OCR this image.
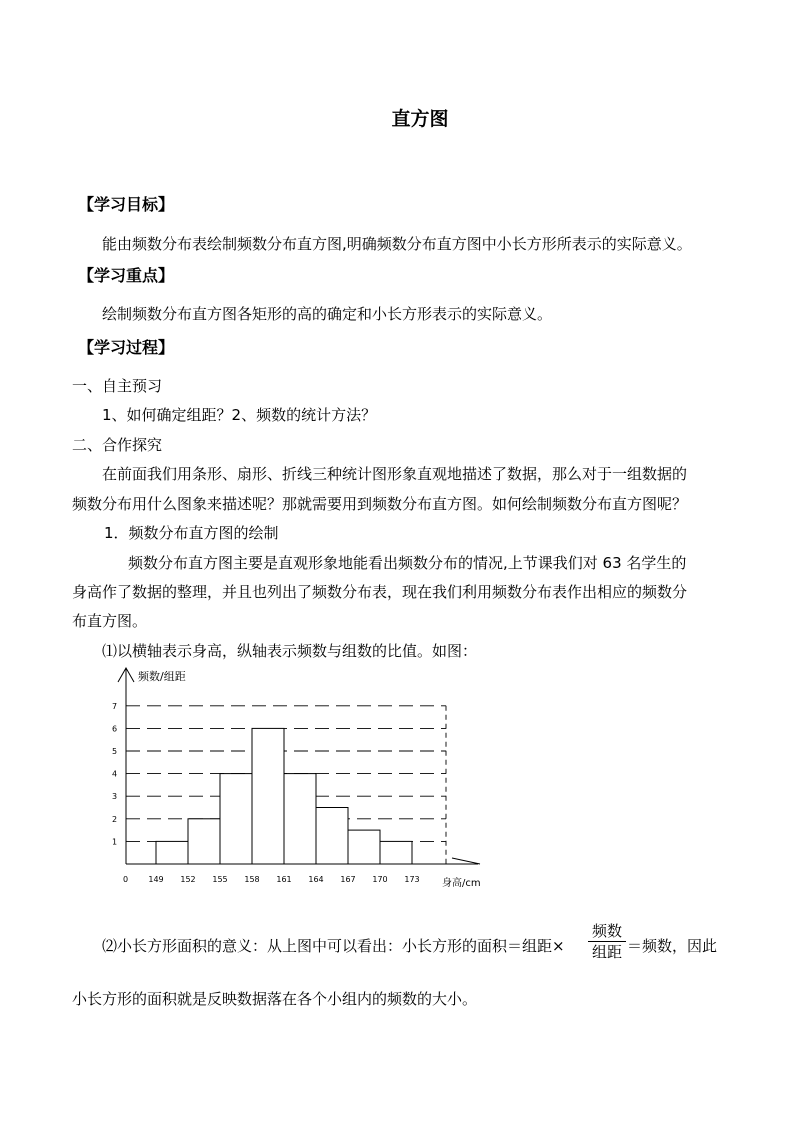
直方图
【学习目标】
能由频数分布表绘制频数分布直方图,明确频数分布直方图中小长方形所表示的实际意义。
【学习重点】
绘制频数分布直方图各矩形的高的确定和小长方形表示的实际意义。
【学习过程】
一、自主预习
1、如何确定组距？2、频数的统计方法？
二、合作探究
在前面我们用条形、扇形、折线三种统计图形象直观地描述了数据，那么对于一组数据的
频数分布用什么图象来描述呢？那就需要用到频数分布直方图。如何绘制频数分布直方图呢？
1．频数分布直方图的绘制
频数分布直方图主要是直观形象地能看出频数分布的情况,上节课我们对 63 名学生的
身高作了数据的整理，并且也列出了频数分布表，现在我们利用频数分布表作出相应的频数分
布直方图。
⑴以横轴表示身高，纵轴表示频数与组数的比值。如图：
1
2
3
4
5
6
7
0	149 152 155 158 161 164 167 170 173
频数/组距
身高/cm
⑵小长方形面积的意义：从上图中可以看出：小长方形的面积＝组距×
频数
组距 ＝频数，因此
小长方形的面积就是反映数据落在各个小组内的频数的大小。
